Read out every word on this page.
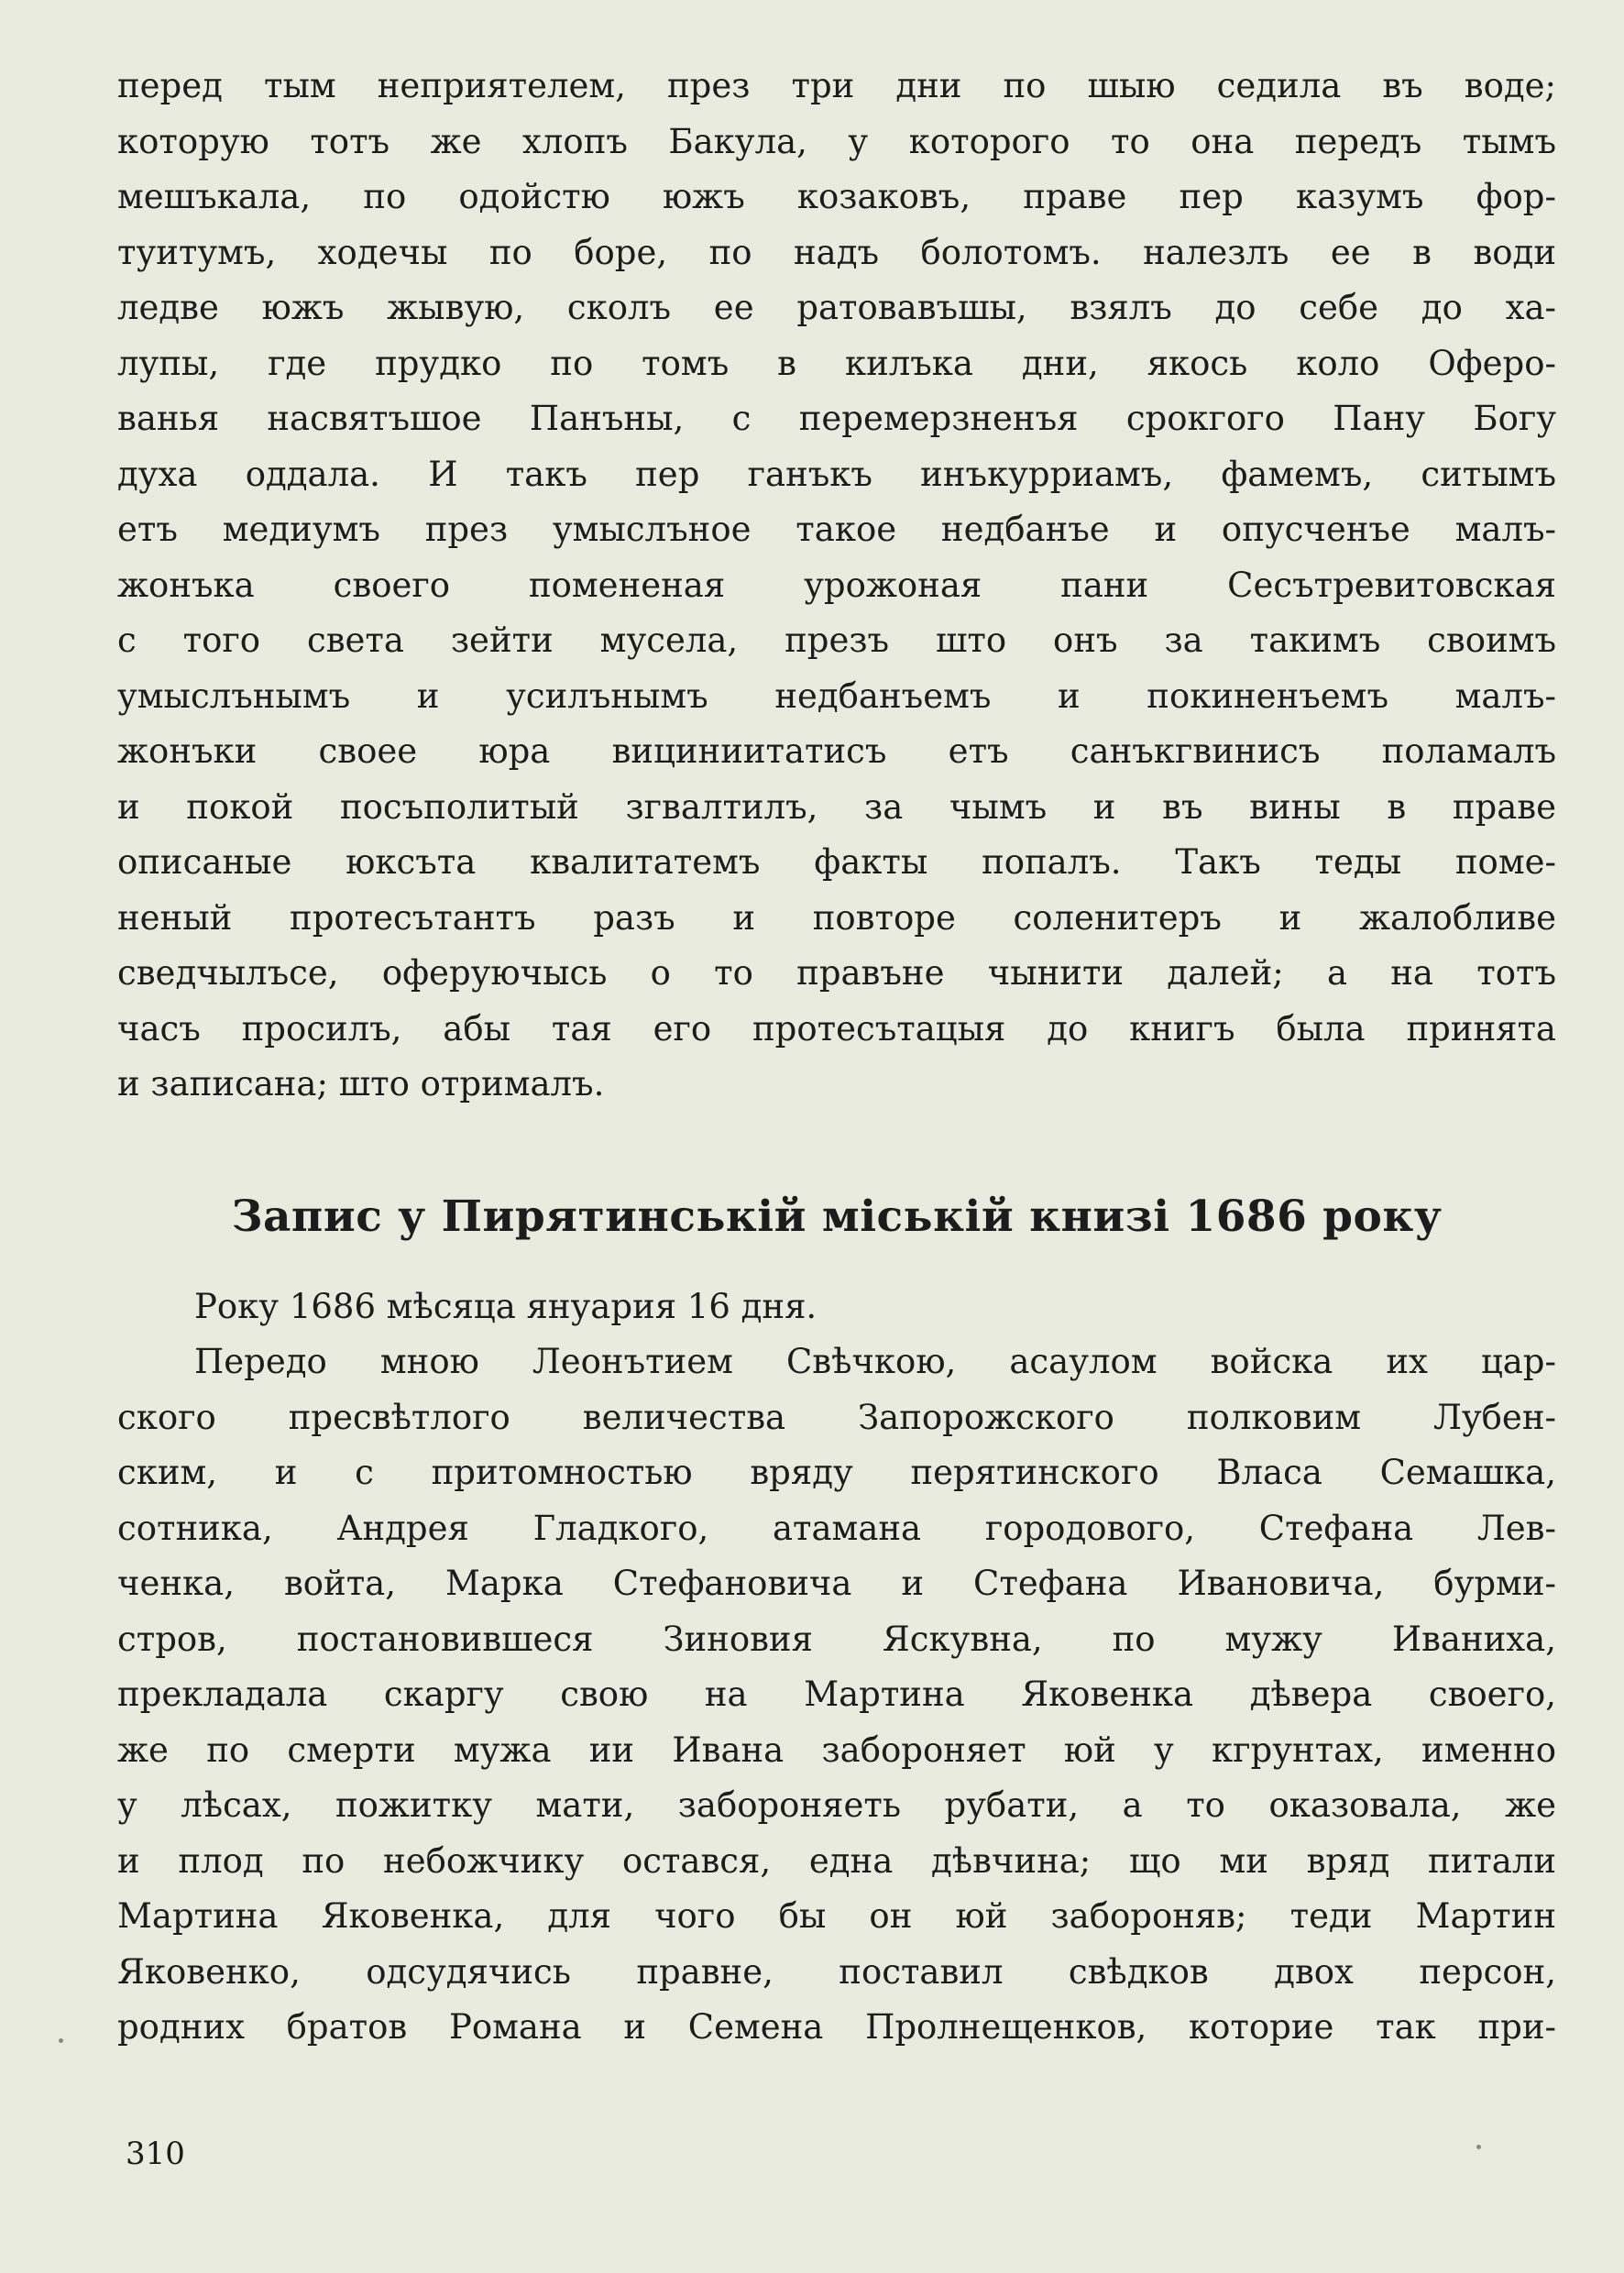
перед тым неприятелем, през три дни по шыю седила въ воде;
которую тотъ же хлопъ Бакула, у которого то она передъ тымъ
мешъкала, по одойстю южъ козаковъ, праве пер казумъ фор-
туитумъ, ходечы по боре, по надъ болотомъ. налезлъ ее в води
ледве южъ жывую, сколъ ее ратовавъшы, взялъ до себе до ха-
лупы, где прудко по томъ в килъка дни, якось коло Оферо-
ванья насвятъшое Панъны, с перемерзненъя срокгого Пану Богу
духа оддала. И такъ пер ганъкъ инъкурриамъ, фамемъ, ситымъ
етъ медиумъ през умыслъное такое недбанъе и опусченъе малъ-
жонъка своего помененая урожоная пани Сесътревитовская
с того света зейти мусела, презъ што онъ за такимъ своимъ
умыслънымъ и усилънымъ недбанъемъ и покиненъемъ малъ-
жонъки своее юра вициниитатисъ етъ санъкгвинисъ поламалъ
и покой посъполитый згвалтилъ, за чымъ и въ вины в праве
описаные юксъта квалитатемъ факты попалъ. Такъ теды поме-
неный протесътантъ разъ и повторе соленитеръ и жалобливе
сведчылъсе, оферуючысь о то правъне чынити далей; а на тотъ
часъ просилъ, абы тая его протесътацыя до книгъ была принята
и записана; што отрималъ.
Запис у Пирятинській міській книзі 1686 року
Року 1686 мѣсяца януария 16 дня.
Передо мною Леонътием Свѣчкою, асаулом войска их цар-
ского пресвѣтлого величества Запорожского полковим Лубен-
ским, и с притомностью вряду перятинского Власа Семашка,
сотника, Андрея Гладкого, атамана городового, Стефана Лев-
ченка, войта, Марка Стефановича и Стефана Ивановича, бурми-
стров, постановившеся Зиновия Яскувна, по мужу Иваниха,
прекладала скаргу свою на Мартина Яковенка дѣвера своего,
же по смерти мужа ии Ивана забороняет юй у кгрунтах, именно
у лѣсах, пожитку мати, забороняеть рубати, а то оказовала, же
и плод по небожчику остався, една дѣвчина; що ми вряд питали
Мартина Яковенка, для чого бы он юй забороняв; теди Мартин
Яковенко, одсудячись правне, поставил свѣдков двох персон,
родних братов Романа и Семена Пролнещенков, которие так при-
310
